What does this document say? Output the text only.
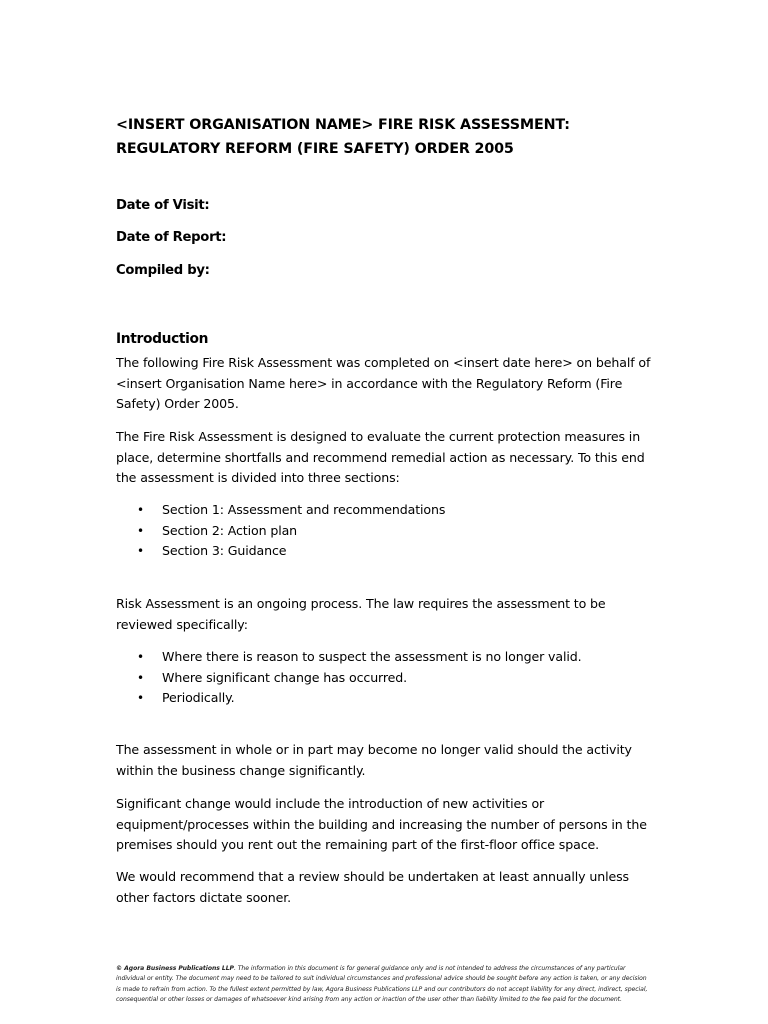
<INSERT ORGANISATION NAME> FIRE RISK ASSESSMENT: REGULATORY REFORM (FIRE SAFETY) ORDER 2005

Date of Visit:

Date of Report:

Compiled by:

Introduction

The following Fire Risk Assessment was completed on <insert date here> on behalf of <insert Organisation Name here> in accordance with the Regulatory Reform (Fire Safety) Order 2005.

The Fire Risk Assessment is designed to evaluate the current protection measures in place, determine shortfalls and recommend remedial action as necessary. To this end the assessment is divided into three sections:

• Section 1: Assessment and recommendations
• Section 2: Action plan
• Section 3: Guidance

Risk Assessment is an ongoing process. The law requires the assessment to be reviewed specifically:

• Where there is reason to suspect the assessment is no longer valid.
• Where significant change has occurred.
• Periodically.

The assessment in whole or in part may become no longer valid should the activity within the business change significantly.

Significant change would include the introduction of new activities or equipment/processes within the building and increasing the number of persons in the premises should you rent out the remaining part of the first-floor office space.

We would recommend that a review should be undertaken at least annually unless other factors dictate sooner.

© Agora Business Publications LLP. The information in this document is for general guidance only and is not intended to address the circumstances of any particular individual or entity. The document may need to be tailored to suit individual circumstances and professional advice should be sought before any action is taken, or any decision is made to refrain from action. To the fullest extent permitted by law, Agora Business Publications LLP and our contributors do not accept liability for any direct, indirect, special, consequential or other losses or damages of whatsoever kind arising from any action or inaction of the user other than liability limited to the fee paid for the document.
